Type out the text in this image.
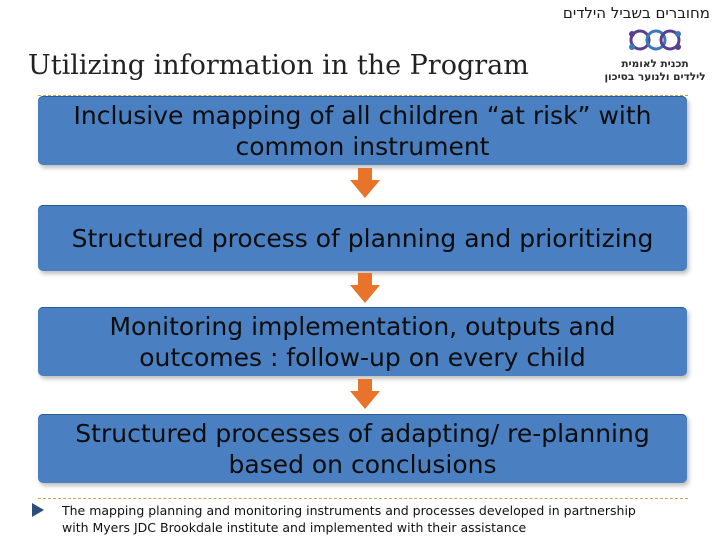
מחוברים בשביל הילדים
תכנית לאומית
לילדים ולנוער בסיכון
Utilizing information in the Program
Inclusive mapping of all children “at risk” with common instrument
Structured process of planning and prioritizing
Monitoring implementation, outputs and outcomes : follow-up on every child
Structured processes of adapting/ re-planning based on conclusions
The mapping planning and monitoring instruments and processes developed in partnership with Myers JDC Brookdale institute and implemented with their assistance
